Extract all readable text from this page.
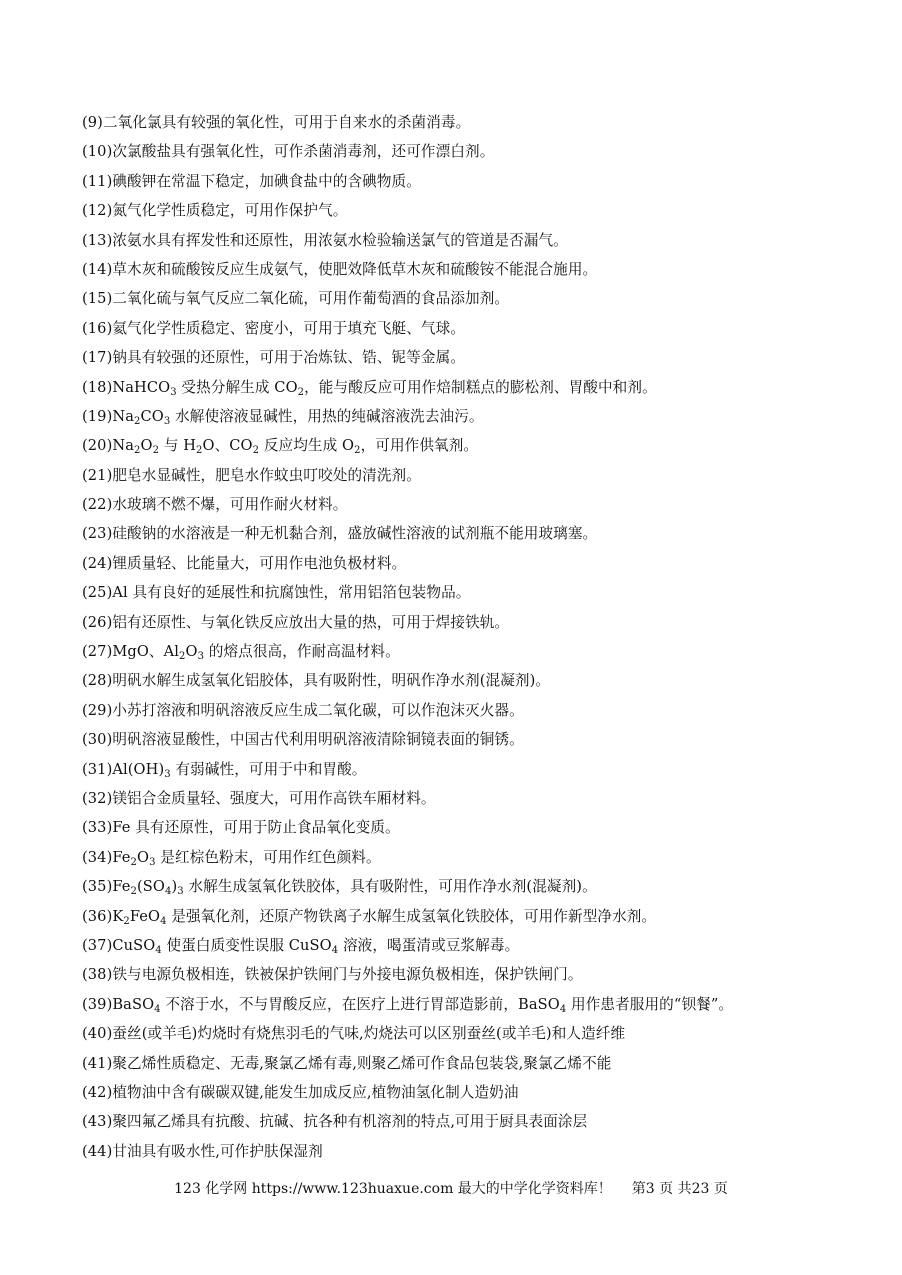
(9)二氧化氯具有较强的氧化性，可用于自来水的杀菌消毒。
(10)次氯酸盐具有强氧化性，可作杀菌消毒剂，还可作漂白剂。
(11)碘酸钾在常温下稳定，加碘食盐中的含碘物质。
(12)氮气化学性质稳定，可用作保护气。
(13)浓氨水具有挥发性和还原性，用浓氨水检验输送氯气的管道是否漏气。
(14)草木灰和硫酸铵反应生成氨气，使肥效降低草木灰和硫酸铵不能混合施用。
(15)二氧化硫与氧气反应二氧化硫，可用作葡萄酒的食品添加剂。
(16)氦气化学性质稳定、密度小，可用于填充飞艇、气球。
(17)钠具有较强的还原性，可用于冶炼钛、锆、铌等金属。
(18)NaHCO$_3$ 受热分解生成 $CO_2$，能与酸反应可用作焙制糕点的膨松剂、胃酸中和剂。
$(19)Na_2CO_3$ 水解使溶液显碱性，用热的纯碱溶液洗去油污。
$(20)Na_2O_2$ 与 $H_2O$、$CO_2$ 反应均生成 $O_2$，可用作供氧剂。
(21)肥皂水显碱性，肥皂水作蚊虫叮咬处的清洗剂。
(22)水玻璃不燃不爆，可用作耐火材料。
(23)硅酸钠的水溶液是一种无机黏合剂，盛放碱性溶液的试剂瓶不能用玻璃塞。
(24)锂质量轻、比能量大，可用作电池负极材料。
(25)Al 具有良好的延展性和抗腐蚀性，常用铝箔包装物品。
(26)铝有还原性、与氧化铁反应放出大量的热，可用于焊接铁轨。
(27)MgO、$Al_2O_3$ 的熔点很高，作耐高温材料。
(28)明矾水解生成氢氧化铝胶体，具有吸附性，明矾作净水剂(混凝剂)。
(29)小苏打溶液和明矾溶液反应生成二氧化碳，可以作泡沫灭火器。
(30)明矾溶液显酸性，中国古代利用明矾溶液清除铜镜表面的铜锈。
$(31)Al(OH)_3$ 有弱碱性，可用于中和胃酸。
(32)镁铝合金质量轻、强度大，可用作高铁车厢材料。
(33)Fe 具有还原性，可用于防止食品氧化变质。
$(34)Fe_2O_3$ 是红棕色粉末，可用作红色颜料。
$(35)Fe_2(SO_4)_3$ 水解生成氢氧化铁胶体，具有吸附性，可用作净水剂(混凝剂)。
$(36)K_2FeO_4$ 是强氧化剂，还原产物铁离子水解生成氢氧化铁胶体，可用作新型净水剂。
(37)CuSO$_4$ 使蛋白质变性误服 CuSO$_4$ 溶液，喝蛋清或豆浆解毒。
(38)铁与电源负极相连，铁被保护铁闸门与外接电源负极相连，保护铁闸门。
(39)BaSO$_4$ 不溶于水，不与胃酸反应，在医疗上进行胃部造影前，BaSO$_4$ 用作患者服用的“钡餐”。
(40)蚕丝(或羊毛)灼烧时有烧焦羽毛的气味,灼烧法可以区别蚕丝(或羊毛)和人造纤维
(41)聚乙烯性质稳定、无毒,聚氯乙烯有毒,则聚乙烯可作食品包装袋,聚氯乙烯不能
(42)植物油中含有碳碳双键,能发生加成反应,植物油氢化制人造奶油
(43)聚四氟乙烯具有抗酸、抗碱、抗各种有机溶剂的特点,可用于厨具表面涂层
(44)甘油具有吸水性,可作护肤保湿剂
123 化学网 https://www.123huaxue.com 最大的中学化学资料库！ 第3 页 共23 页
